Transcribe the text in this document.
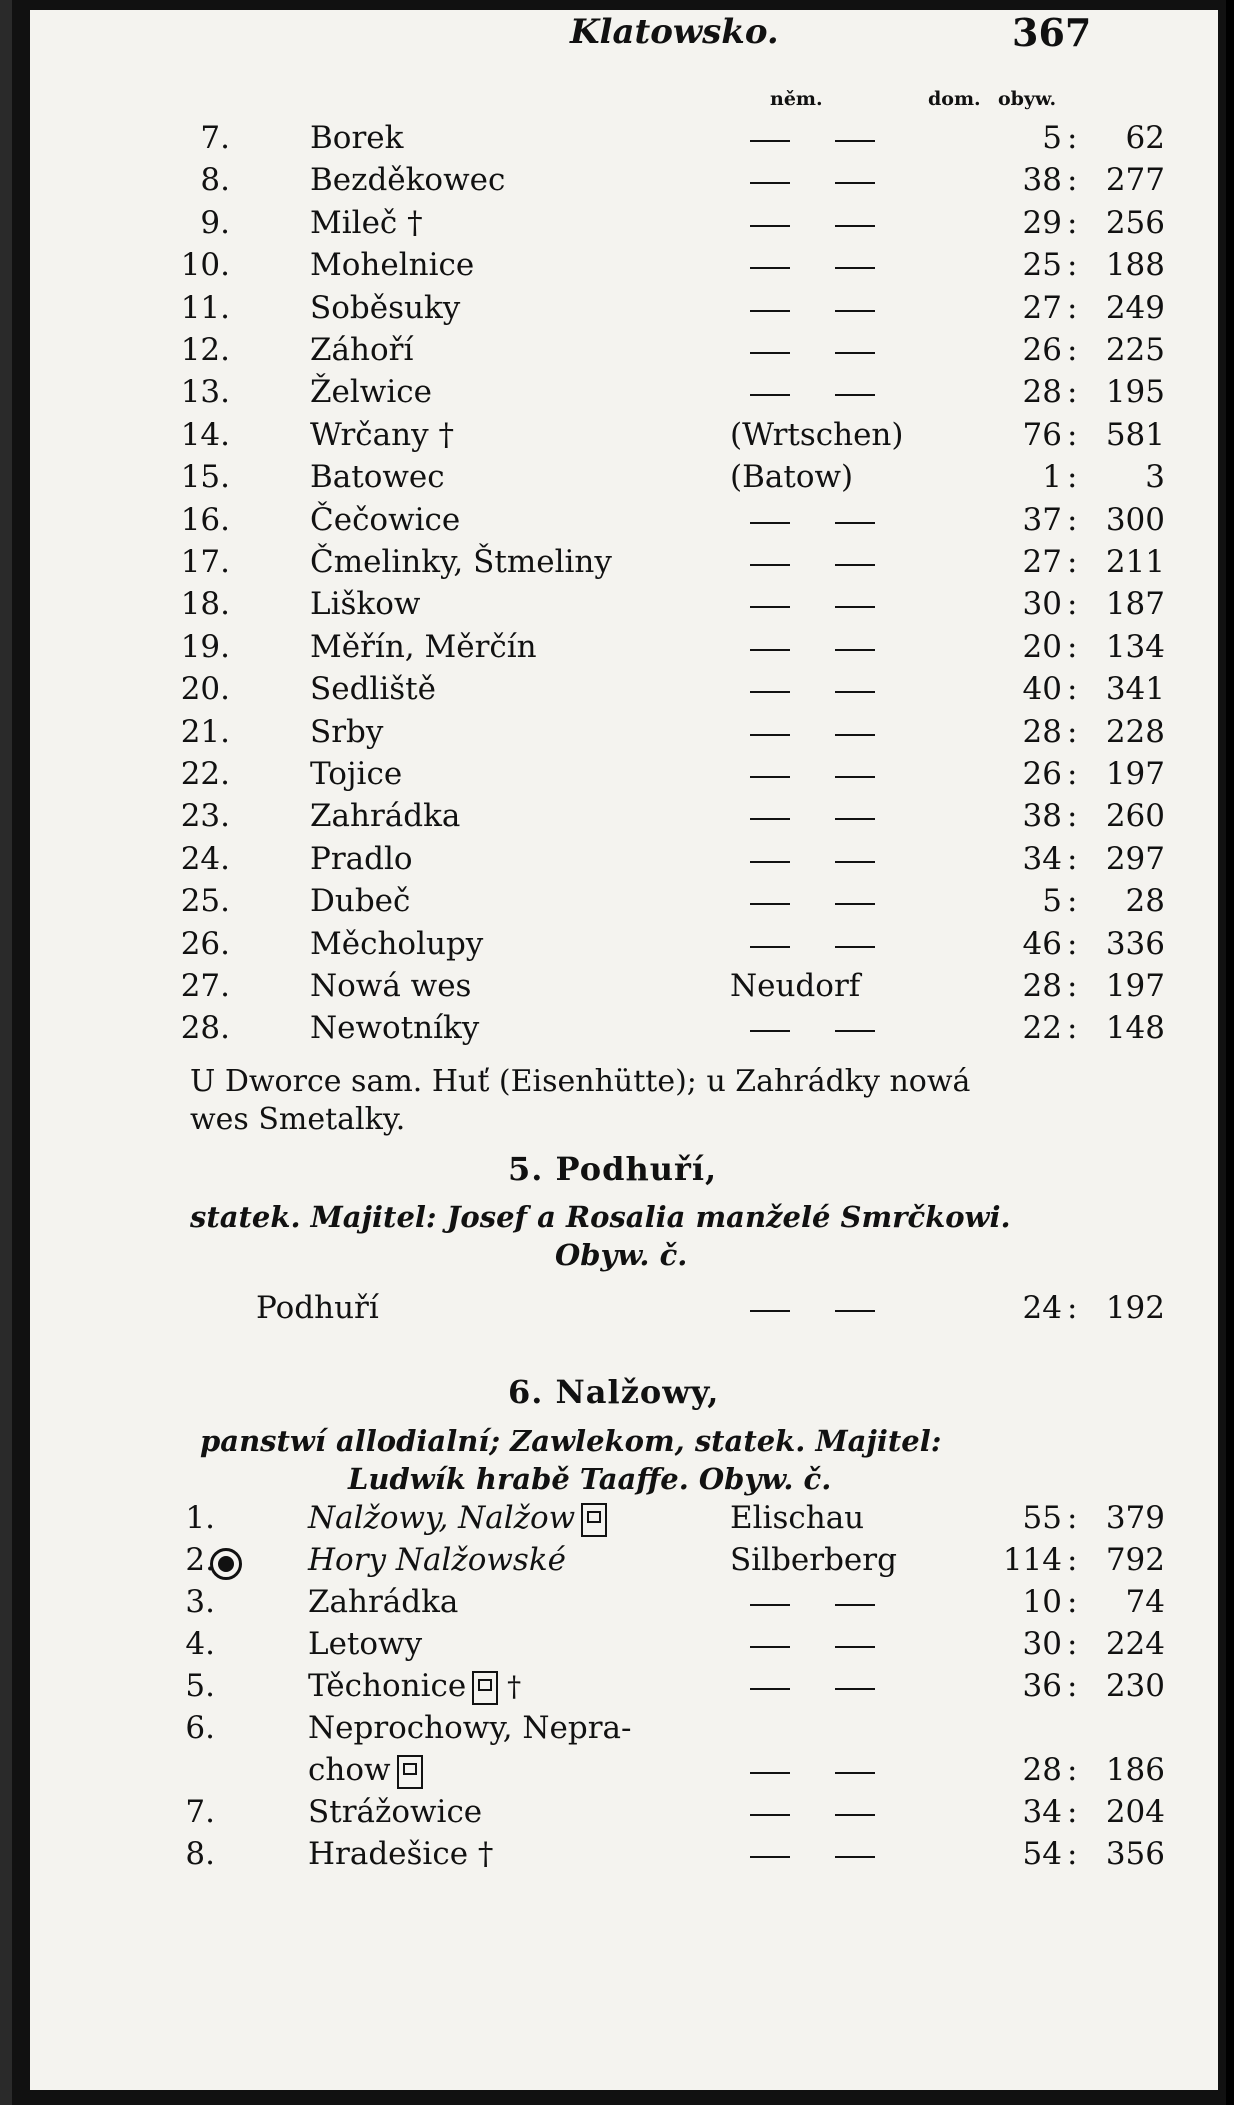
Klatowsko.	367
něm.	dom. obyw.
7.	Borek	5 :	62
8.	Bezděkowec	38 : 277
9.	Mileč †	29 : 256
10.	Mohelnice	25 : 188
11.	Soběsuky	27 : 249
12.	Záhoří	26 : 225
13.	Želwice	28 : 195
14.	Wrčany †	(Wrtschen)	76 : 581
15.	Batowec	(Batow)	1 :	3
16.	Čečowice	37 : 300
17.	Čmelinky, Štmeliny	27 : 211
18.	Liškow	30 : 187
19.	Měřín, Měrčín	20 : 134
20.	Sedliště	40 : 341
21.	Srby	28 : 228
22.	Tojice	26 : 197
23.	Zahrádka	38 : 260
24.	Pradlo	34 : 297
25.	Dubeč	5 :	28
26.	Měcholupy	46 : 336
27.	Nowá wes	Neudorf	28 : 197
28.	Newotníky	22 : 148
U Dworce sam. Huť (Eisenhütte); u Zahrádky nowá
wes Smetalky.
5. Podhuří,
statek. Majitel: Josef a Rosalia manželé Smrčkowi.
Obyw. č.
Podhuří	24 : 192
6. Nalžowy,
panstwí allodialní; Zawlekom, statek. Majitel:
Ludwík hrabě Taaffe. Obyw. č.
1.	Nalžowy, Nalžow	Elischau	55 : 379
2.	Hory Nalžowské	Silberberg	114 : 792
3.	Zahrádka	10 :	74
4.	Letowy	30 : 224
5.	Těchonice †	36 : 230
6.	Neprochowy, Nepra-
chow	28 : 186
7.	Strážowice	34 : 204
8.	Hradešice †	54 : 356
